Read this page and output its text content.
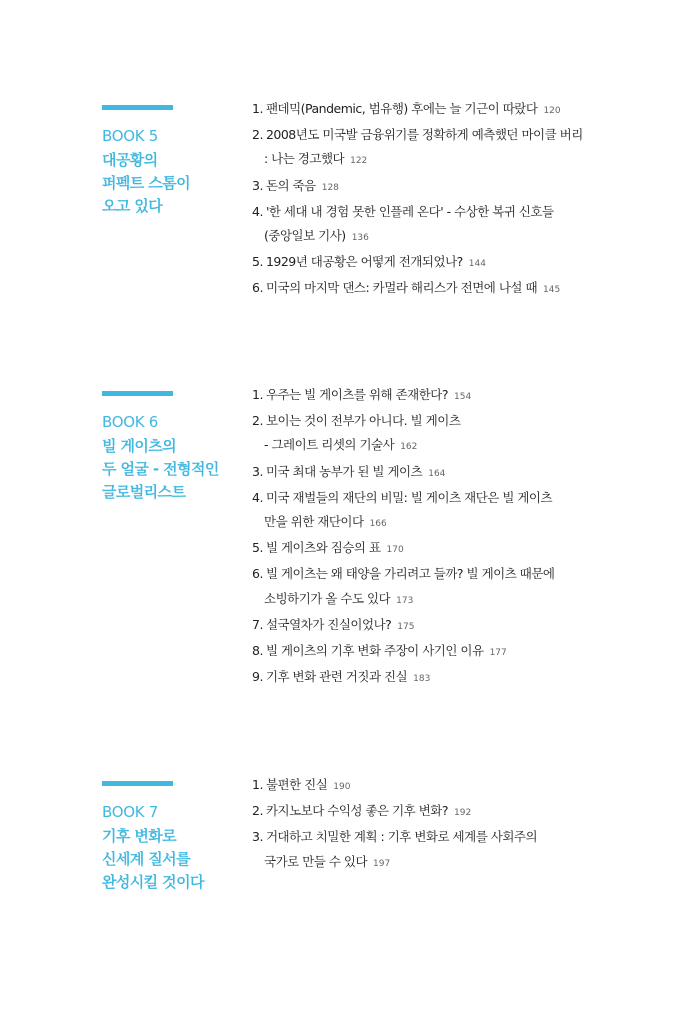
BOOK 5
대공황의
퍼펙트 스톰이
오고 있다
1. 팬데믹(Pandemic, 범유행) 후에는 늘 기근이 따랐다 120
2. 2008년도 미국발 금융위기를 정확하게 예측했던 마이클 버리
: 나는 경고했다 122
3. 돈의 죽음 128
4. '한 세대 내 경험 못한 인플레 온다' - 수상한 복귀 신호들
(중앙일보 기사) 136
5. 1929년 대공황은 어떻게 전개되었나? 144
6. 미국의 마지막 댄스: 카멀라 해리스가 전면에 나설 때 145
BOOK 6
빌 게이츠의
두 얼굴 - 전형적인
글로벌리스트
1. 우주는 빌 게이츠를 위해 존재한다? 154
2. 보이는 것이 전부가 아니다. 빌 게이츠
- 그레이트 리셋의 기술사 162
3. 미국 최대 농부가 된 빌 게이츠 164
4. 미국 재벌들의 재단의 비밀: 빌 게이츠 재단은 빌 게이츠
만을 위한 재단이다 166
5. 빌 게이츠와 짐승의 표 170
6. 빌 게이츠는 왜 태양을 가리려고 들까? 빌 게이츠 때문에
소빙하기가 올 수도 있다 173
7. 설국열차가 진실이었나? 175
8. 빌 게이츠의 기후 변화 주장이 사기인 이유 177
9. 기후 변화 관련 거짓과 진실 183
BOOK 7
기후 변화로
신세계 질서를
완성시킬 것이다
1. 불편한 진실 190
2. 카지노보다 수익성 좋은 기후 변화? 192
3. 거대하고 치밀한 계획 : 기후 변화로 세계를 사회주의
국가로 만들 수 있다 197
